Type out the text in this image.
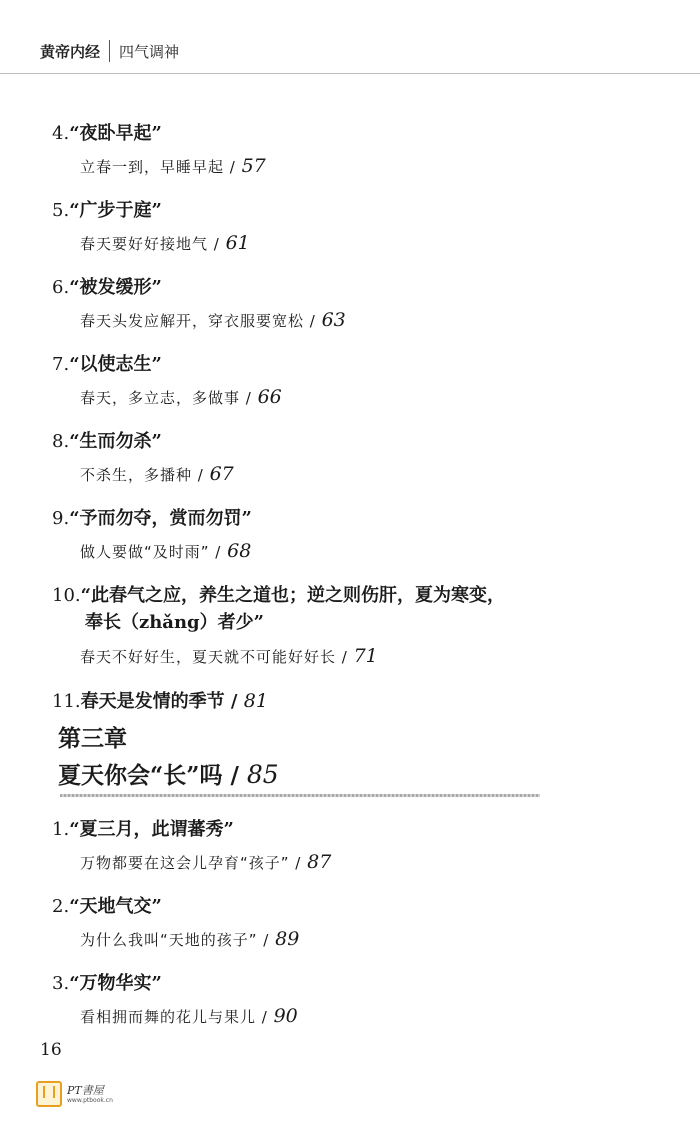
黄帝内经 四气调神
4.“夜卧早起”
立春一到，早睡早起 / 57
5.“广步于庭”
春天要好好接地气 / 61
6.“被发缓形”
春天头发应解开，穿衣服要宽松 / 63
7.“以使志生”
春天，多立志，多做事 / 66
8.“生而勿杀”
不杀生，多播种 / 67
9.“予而勿夺，赏而勿罚”
做人要做“及时雨” / 68
10.“此春气之应，养生之道也；逆之则伤肝，夏为寒变，
奉长（zhǎng）者少”
春天不好好生，夏天就不可能好好长 / 71
11.春天是发情的季节 / 81
第三章
夏天你会“长”吗 / 85
1.“夏三月，此谓蕃秀”
万物都要在这会儿孕育“孩子” / 87
2.“天地气交”
为什么我叫“天地的孩子” / 89
3.“万物华实”
看相拥而舞的花儿与果儿 / 90
16
PT書屋
www.ptbook.cn
